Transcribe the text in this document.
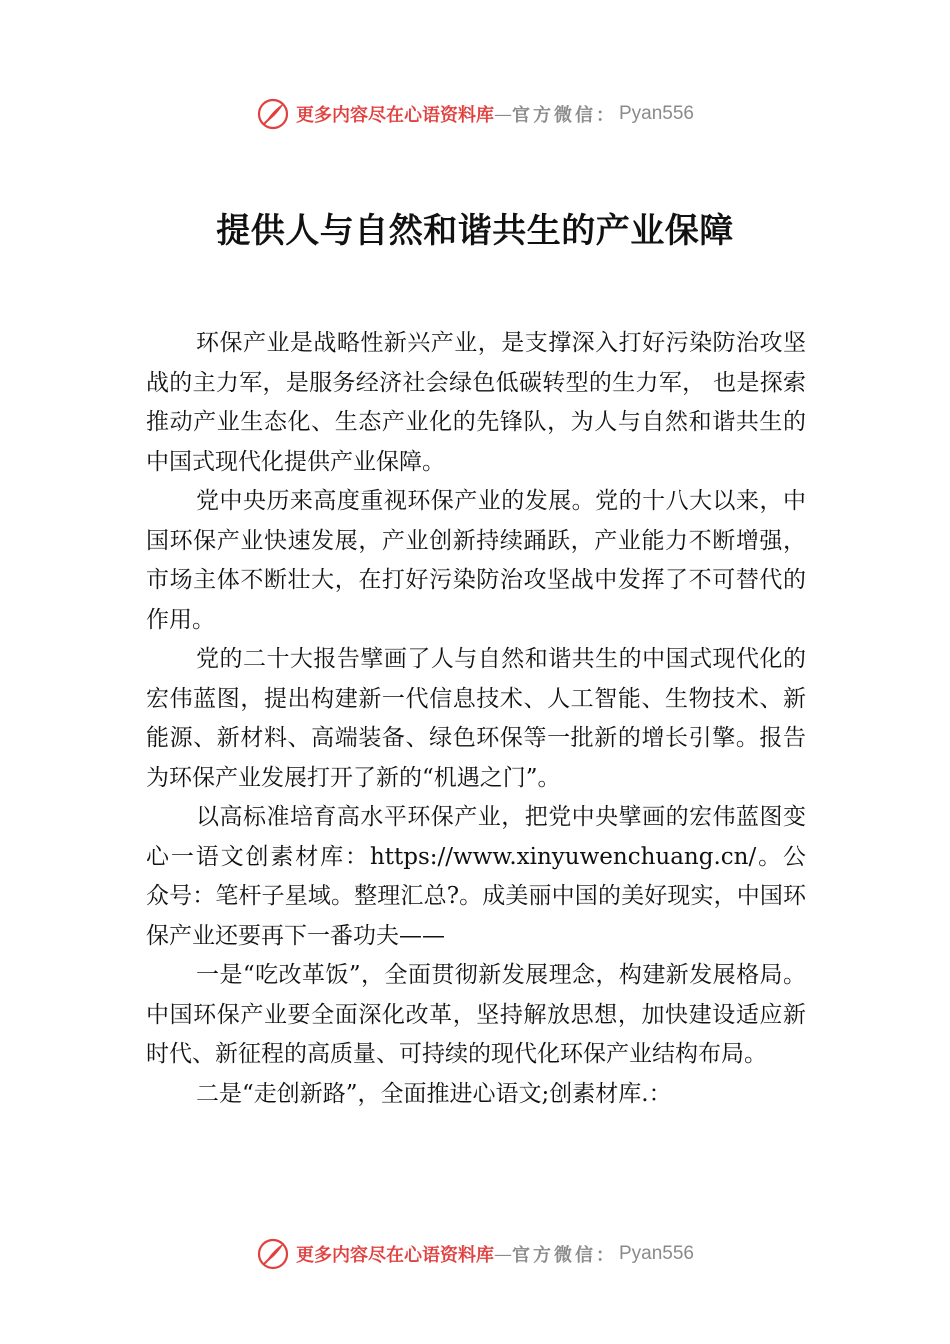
更多内容尽在心语资料库 — 官方微信： Pyan556
提供人与自然和谐共生的产业保障

环保产业是战略性新兴产业，是支撑深入打好污染防治攻坚战的主力军，是服务经济社会绿色低碳转型的生力军， 也是探索推动产业生态化、生态产业化的先锋队，为人与自然和谐共生的中国式现代化提供产业保障。

党中央历来高度重视环保产业的发展。党的十八大以来，中国环保产业快速发展，产业创新持续踊跃，产业能力不断增强，市场主体不断壮大，在打好污染防治攻坚战中发挥了不可替代的作用。

党的二十大报告擘画了人与自然和谐共生的中国式现代化的宏伟蓝图，提出构建新一代信息技术、人工智能、生物技术、新能源、新材料、高端装备、绿色环保等一批新的增长引擎。报告为环保产业发展打开了新的“机遇之门”。

以高标准培育高水平环保产业，把党中央擘画的宏伟蓝图变心一语文创素材库：https://www.xinyuwenchuang.cn/。公众号：笔杆子星域。整理汇总?。成美丽中国的美好现实，中国环保产业还要再下一番功夫——

一是“吃改革饭”，全面贯彻新发展理念，构建新发展格局。中国环保产业要全面深化改革，坚持解放思想，加快建设适应新时代、新征程的高质量、可持续的现代化环保产业结构布局。

二是“走创新路”，全面推进心语文;创素材库.：

更多内容尽在心语资料库 — 官方微信： Pyan556
